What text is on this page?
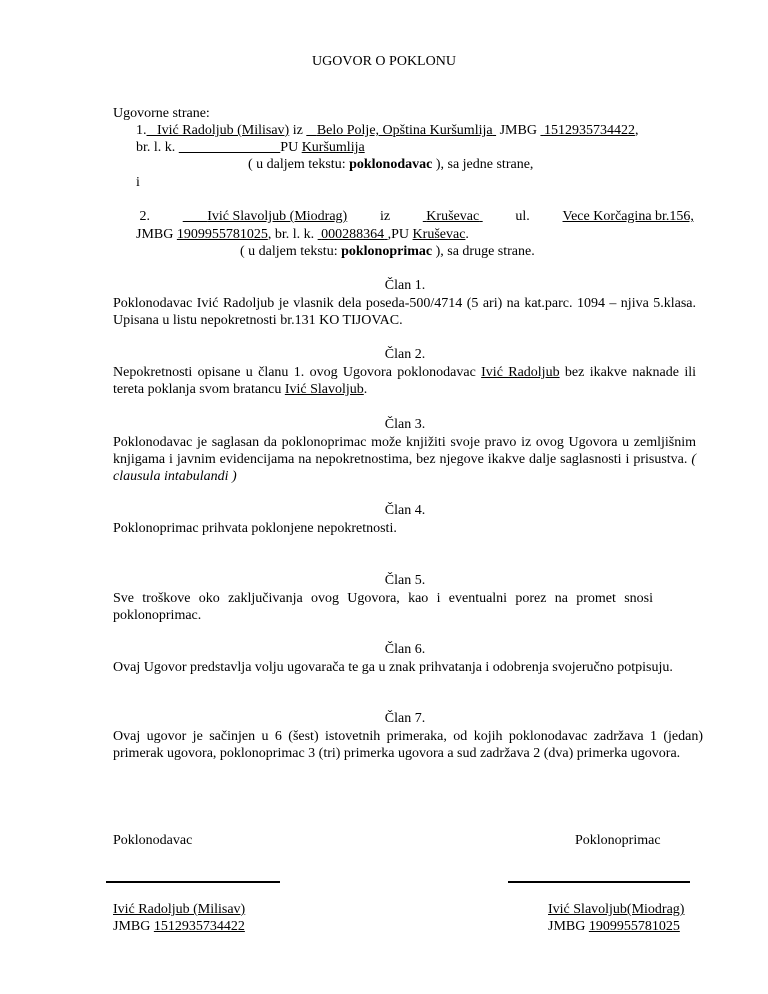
UGOVOR O POKLONU
Ugovorne strane:
1. Ivić Radoljub (Milisav) iz Belo Polje, Opština Kuršumlija JMBG 1512935734422,
br. l. k.	PU Kuršumlija
( u daljem tekstu: poklonodavac ), sa jedne strane,
i
2.	Ivić Slavoljub (Miodrag) iz	Kruševac	ul. Vece Korčagina br.156,
JMBG 1909955781025, br. l. k. 000288364 ,PU Kruševac.
( u daljem tekstu: poklonoprimac ), sa druge strane.
Član 1.
Poklonodavac Ivić Radoljub je vlasnik dela poseda-500/4714 (5 ari) na kat.parc. 1094 – njiva 5.klasa. Upisana u listu nepokretnosti br.131 KO TIJOVAC.
Član 2.
Nepokretnosti opisane u članu 1. ovog Ugovora poklonodavac Ivić Radoljub bez ikakve naknade ili tereta poklanja svom bratancu Ivić Slavoljub.
Član 3.
Poklonodavac je saglasan da poklonoprimac može knjižiti svoje pravo iz ovog Ugovora u zemljišnim knjigama i javnim evidencijama na nepokretnostima, bez njegove ikakve dalje saglasnosti i prisustva. ( clausula intabulandi )
Član 4.
Poklonoprimac prihvata poklonjene nepokretnosti.
Član 5.
Sve troškove oko zaključivanja ovog Ugovora, kao i eventualni porez na promet snosi poklonoprimac.
Član 6.
Ovaj Ugovor predstavlja volju ugovarača te ga u znak prihvatanja i odobrenja svojeručno potpisuju.
Član 7.
Ovaj ugovor je sačinjen u 6 (šest) istovetnih primeraka, od kojih poklonodavac zadržava 1 (jedan) primerak ugovora, poklonoprimac 3 (tri) primerka ugovora a sud zadržava 2 (dva) primerka ugovora.
Poklonodavac	Poklonoprimac
Ivić Radoljub (Milisav)
JMBG 1512935734422
Ivić Slavoljub(Miodrag)
JMBG 1909955781025
